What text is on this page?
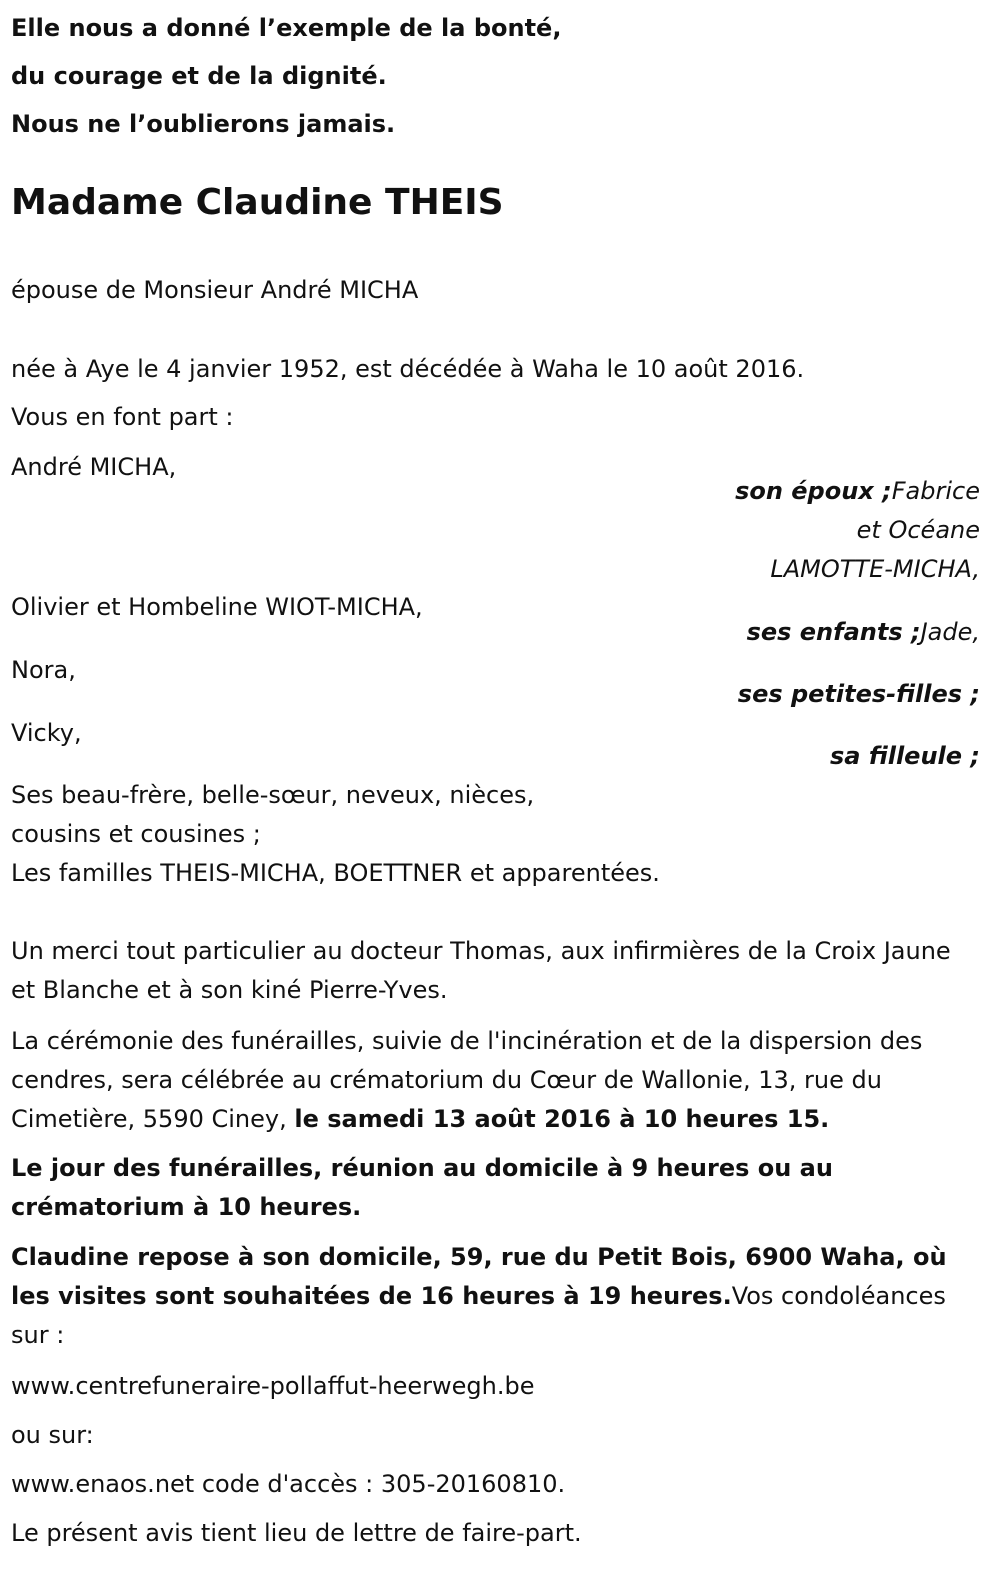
Elle nous a donné l’exemple de la bonté,

du courage et de la dignité.

Nous ne l’oublierons jamais.

Madame Claudine THEIS

épouse de Monsieur André MICHA

née à Aye le 4 janvier 1952, est décédée à Waha le 10 août 2016.

Vous en font part :

André MICHA,

son époux ;Fabrice

et Océane

LAMOTTE-MICHA,

Olivier et Hombeline WIOT-MICHA,

ses enfants ;Jade,

Nora,

ses petites-filles ;

Vicky,

sa filleule ;

Ses beau-frère, belle-sœur, neveux, nièces,

cousins et cousines ;

Les familles THEIS-MICHA, BOETTNER et apparentées.

Un merci tout particulier au docteur Thomas, aux infirmières de la Croix Jaune et Blanche et à son kiné Pierre-Yves.

La cérémonie des funérailles, suivie de l'incinération et de la dispersion des cendres, sera célébrée au crématorium du Cœur de Wallonie, 13, rue du Cimetière, 5590 Ciney, le samedi 13 août 2016 à 10 heures 15.

Le jour des funérailles, réunion au domicile à 9 heures ou au crématorium à 10 heures.

Claudine repose à son domicile, 59, rue du Petit Bois, 6900 Waha, où les visites sont souhaitées de 16 heures à 19 heures.Vos condoléances sur :

www.centrefuneraire-pollaffut-heerwegh.be

ou sur:

www.enaos.net code d'accès : 305-20160810.

Le présent avis tient lieu de lettre de faire-part.
